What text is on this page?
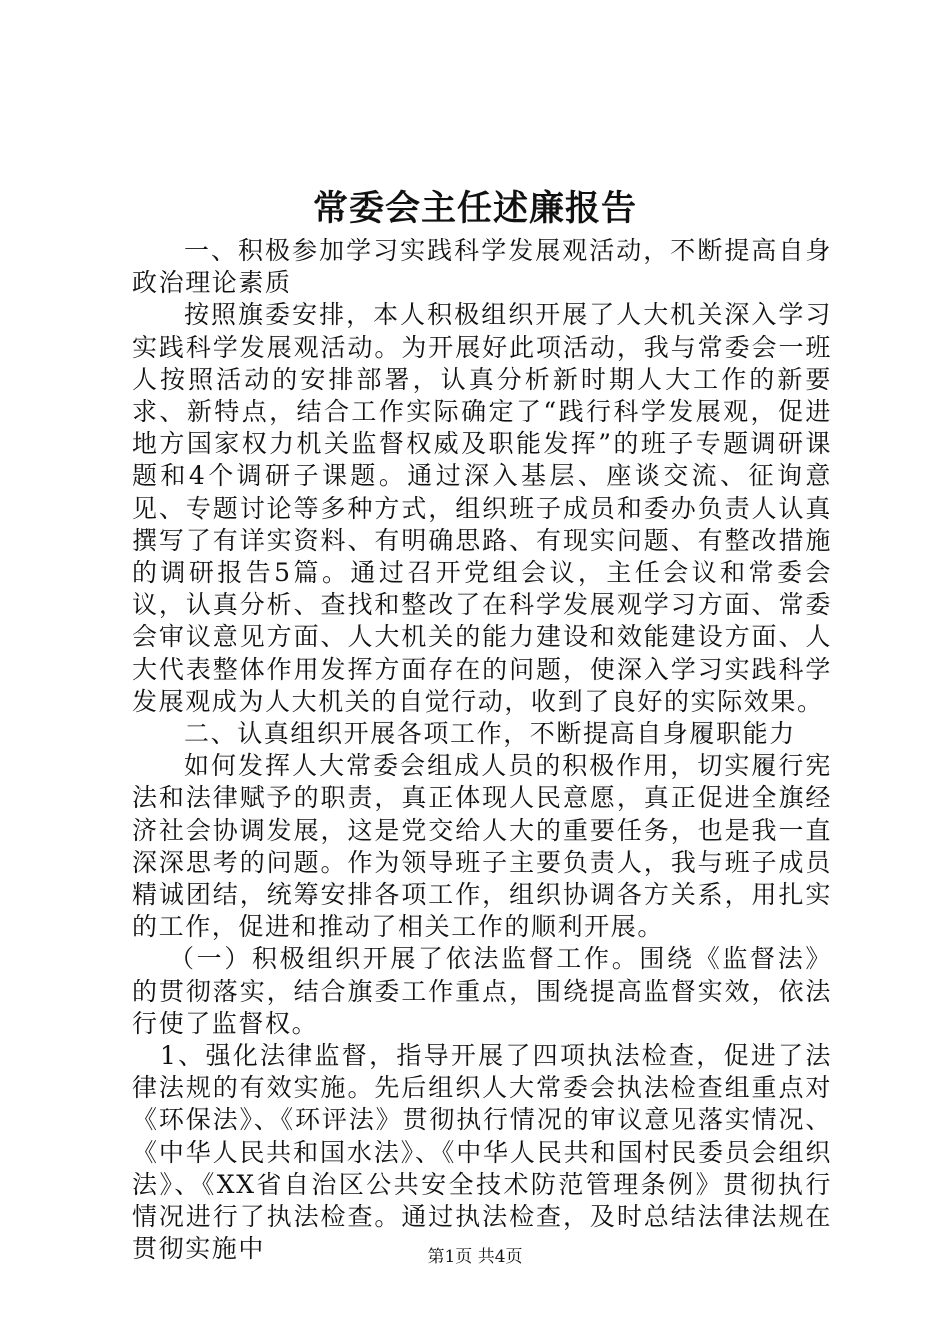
常委会主任述廉报告

一、积极参加学习实践科学发展观活动，不断提高自身政治理论素质

按照旗委安排，本人积极组织开展了人大机关深入学习实践科学发展观活动。为开展好此项活动，我与常委会一班人按照活动的安排部署，认真分析新时期人大工作的新要求、新特点，结合工作实际确定了“践行科学发展观，促进地方国家权力机关监督权威及职能发挥”的班子专题调研课题和4个调研子课题。通过深入基层、座谈交流、征询意见、专题讨论等多种方式，组织班子成员和委办负责人认真撰写了有详实资料、有明确思路、有现实问题、有整改措施的调研报告5篇。通过召开党组会议，主任会议和常委会议，认真分析、查找和整改了在科学发展观学习方面、常委会审议意见方面、人大机关的能力建设和效能建设方面、人大代表整体作用发挥方面存在的问题，使深入学习实践科学发展观成为人大机关的自觉行动，收到了良好的实际效果。

二、认真组织开展各项工作，不断提高自身履职能力

如何发挥人大常委会组成人员的积极作用，切实履行宪法和法律赋予的职责，真正体现人民意愿，真正促进全旗经济社会协调发展，这是党交给人大的重要任务，也是我一直深深思考的问题。作为领导班子主要负责人，我与班子成员精诚团结，统筹安排各项工作，组织协调各方关系，用扎实的工作，促进和推动了相关工作的顺利开展。

（一）积极组织开展了依法监督工作。围绕《监督法》的贯彻落实，结合旗委工作重点，围绕提高监督实效，依法行使了监督权。

1、强化法律监督，指导开展了四项执法检查，促进了法律法规的有效实施。先后组织人大常委会执法检查组重点对《环保法》、《环评法》贯彻执行情况的审议意见落实情况、《中华人民共和国水法》、《中华人民共和国村民委员会组织法》、《XX省自治区公共安全技术防范管理条例》贯彻执行情况进行了执法检查。通过执法检查，及时总结法律法规在贯彻实施中	第1页 共4页
